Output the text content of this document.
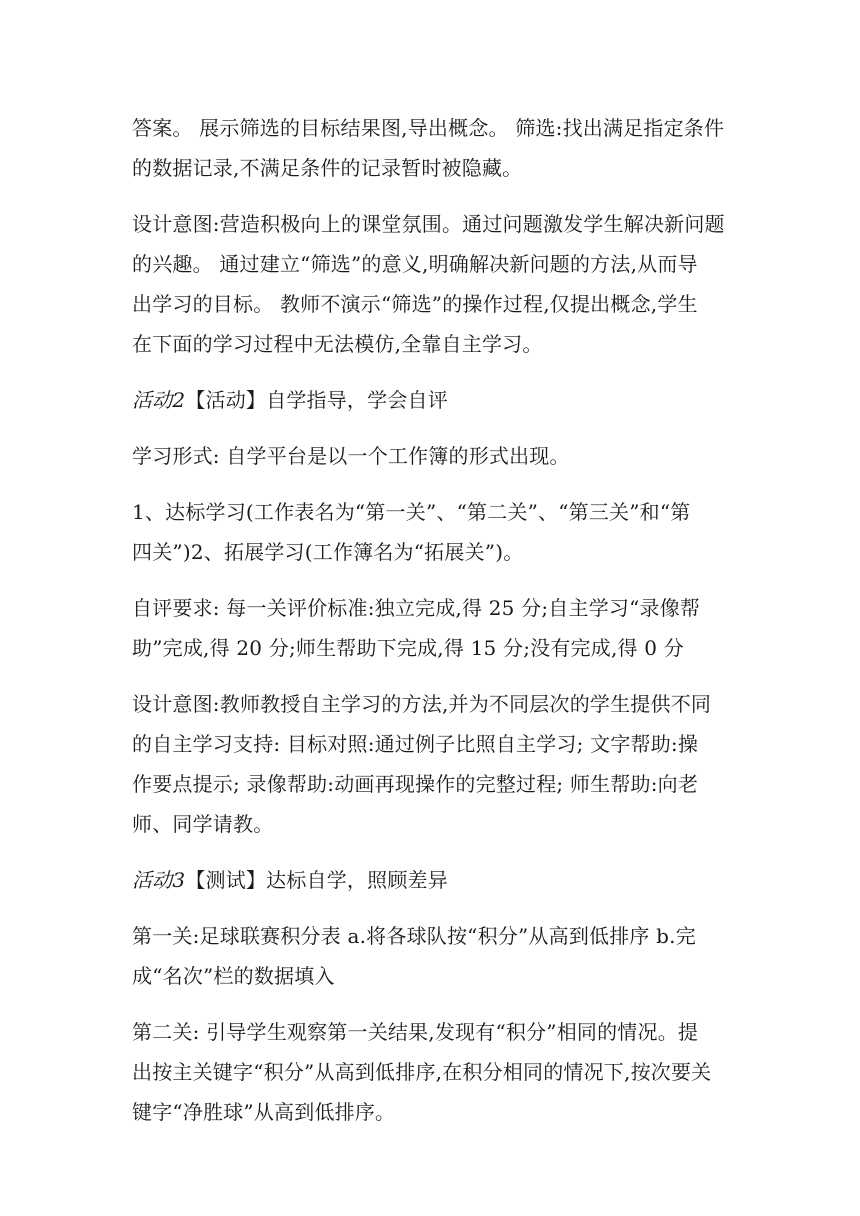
答案。 展示筛选的目标结果图,导出概念。 筛选:找出满足指定条件
的数据记录,不满足条件的记录暂时被隐藏。
设计意图:营造积极向上的课堂氛围。通过问题激发学生解决新问题
的兴趣。 通过建立“筛选”的意义,明确解决新问题的方法,从而导
出学习的目标。 教师不演示“筛选”的操作过程,仅提出概念,学生
在下面的学习过程中无法模仿,全靠自主学习。
活动2【活动】自学指导，学会自评
学习形式: 自学平台是以一个工作簿的形式出现。
1、达标学习(工作表名为“第一关”、“第二关”、“第三关”和“第
四关”)2、拓展学习(工作簿名为“拓展关”)。
自评要求: 每一关评价标准:独立完成,得 25 分;自主学习“录像帮
助”完成,得 20 分;师生帮助下完成,得 15 分;没有完成,得 0 分
设计意图:教师教授自主学习的方法,并为不同层次的学生提供不同
的自主学习支持: 目标对照:通过例子比照自主学习; 文字帮助:操
作要点提示; 录像帮助:动画再现操作的完整过程; 师生帮助:向老
师、同学请教。
活动3【测试】达标自学，照顾差异
第一关:足球联赛积分表 a.将各球队按“积分”从高到低排序 b.完
成“名次”栏的数据填入
第二关: 引导学生观察第一关结果,发现有“积分”相同的情况。提
出按主关键字“积分”从高到低排序,在积分相同的情况下,按次要关
键字“净胜球”从高到低排序。
